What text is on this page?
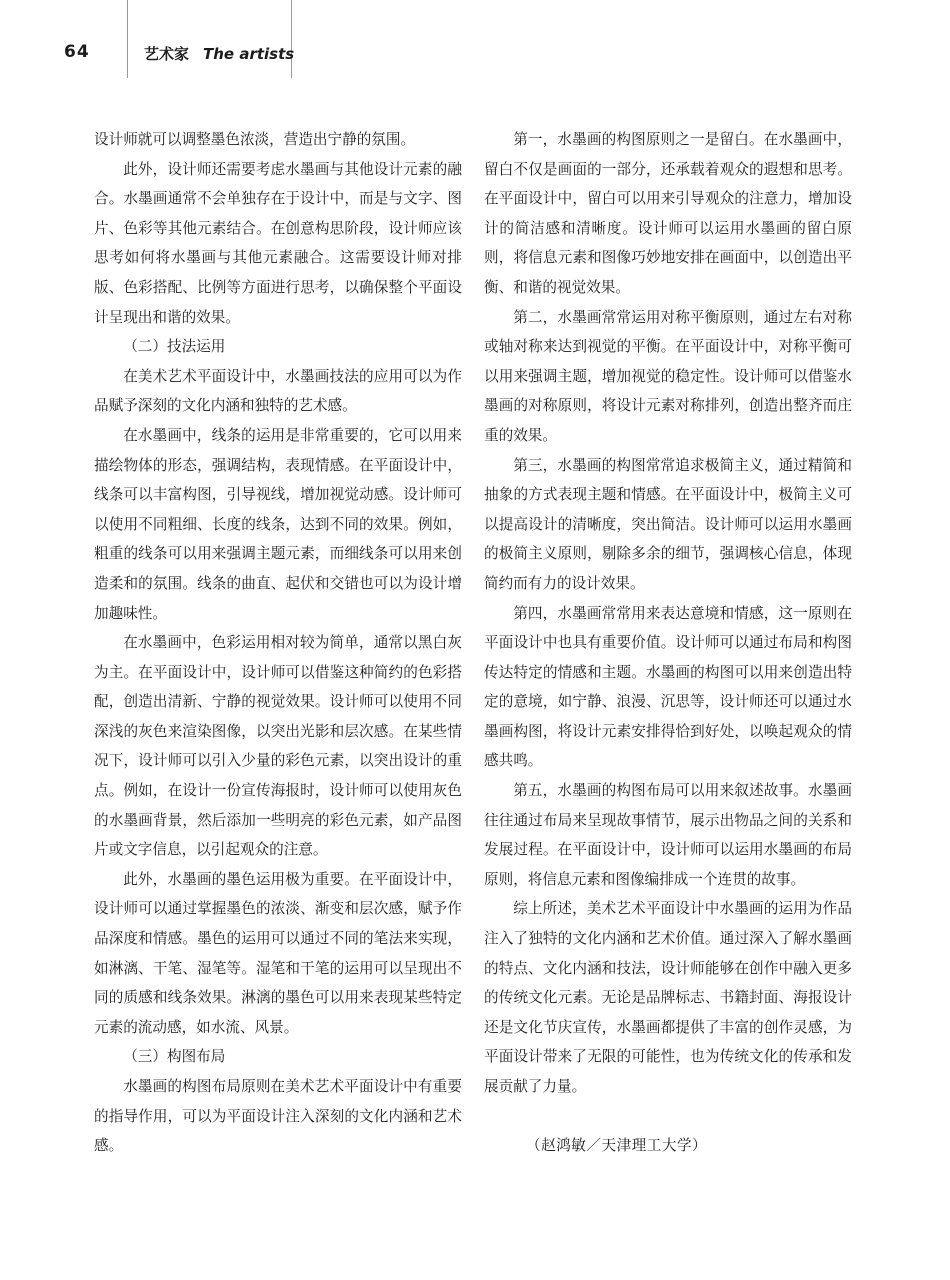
64	艺术家 The artists

设计师就可以调整墨色浓淡，营造出宁静的氛围。

此外，设计师还需要考虑水墨画与其他设计元素的融合。水墨画通常不会单独存在于设计中，而是与文字、图片、色彩等其他元素结合。在创意构思阶段，设计师应该思考如何将水墨画与其他元素融合。这需要设计师对排版、色彩搭配、比例等方面进行思考，以确保整个平面设计呈现出和谐的效果。

（二）技法运用

在美术艺术平面设计中，水墨画技法的应用可以为作品赋予深刻的文化内涵和独特的艺术感。

在水墨画中，线条的运用是非常重要的，它可以用来描绘物体的形态，强调结构，表现情感。在平面设计中，线条可以丰富构图，引导视线，增加视觉动感。设计师可以使用不同粗细、长度的线条，达到不同的效果。例如，粗重的线条可以用来强调主题元素，而细线条可以用来创造柔和的氛围。线条的曲直、起伏和交错也可以为设计增加趣味性。

在水墨画中，色彩运用相对较为简单，通常以黑白灰为主。在平面设计中，设计师可以借鉴这种简约的色彩搭配，创造出清新、宁静的视觉效果。设计师可以使用不同深浅的灰色来渲染图像，以突出光影和层次感。在某些情况下，设计师可以引入少量的彩色元素，以突出设计的重点。例如，在设计一份宣传海报时，设计师可以使用灰色的水墨画背景，然后添加一些明亮的彩色元素，如产品图片或文字信息，以引起观众的注意。

此外，水墨画的墨色运用极为重要。在平面设计中，设计师可以通过掌握墨色的浓淡、渐变和层次感，赋予作品深度和情感。墨色的运用可以通过不同的笔法来实现，如淋漓、干笔、湿笔等。湿笔和干笔的运用可以呈现出不同的质感和线条效果。淋漓的墨色可以用来表现某些特定元素的流动感，如水流、风景。

（三）构图布局

水墨画的构图布局原则在美术艺术平面设计中有重要的指导作用，可以为平面设计注入深刻的文化内涵和艺术感。

第一，水墨画的构图原则之一是留白。在水墨画中，留白不仅是画面的一部分，还承载着观众的遐想和思考。在平面设计中，留白可以用来引导观众的注意力，增加设计的简洁感和清晰度。设计师可以运用水墨画的留白原则，将信息元素和图像巧妙地安排在画面中，以创造出平衡、和谐的视觉效果。

第二，水墨画常常运用对称平衡原则，通过左右对称或轴对称来达到视觉的平衡。在平面设计中，对称平衡可以用来强调主题，增加视觉的稳定性。设计师可以借鉴水墨画的对称原则，将设计元素对称排列，创造出整齐而庄重的效果。

第三，水墨画的构图常常追求极简主义，通过精简和抽象的方式表现主题和情感。在平面设计中，极简主义可以提高设计的清晰度，突出简洁。设计师可以运用水墨画的极简主义原则，剔除多余的细节，强调核心信息，体现简约而有力的设计效果。

第四，水墨画常常用来表达意境和情感，这一原则在平面设计中也具有重要价值。设计师可以通过布局和构图传达特定的情感和主题。水墨画的构图可以用来创造出特定的意境，如宁静、浪漫、沉思等，设计师还可以通过水墨画构图，将设计元素安排得恰到好处，以唤起观众的情感共鸣。

第五，水墨画的构图布局可以用来叙述故事。水墨画往往通过布局来呈现故事情节，展示出物品之间的关系和发展过程。在平面设计中，设计师可以运用水墨画的布局原则，将信息元素和图像编排成一个连贯的故事。

综上所述，美术艺术平面设计中水墨画的运用为作品注入了独特的文化内涵和艺术价值。通过深入了解水墨画的特点、文化内涵和技法，设计师能够在创作中融入更多的传统文化元素。无论是品牌标志、书籍封面、海报设计还是文化节庆宣传，水墨画都提供了丰富的创作灵感，为平面设计带来了无限的可能性，也为传统文化的传承和发展贡献了力量。

（赵鸿敏／天津理工大学）
